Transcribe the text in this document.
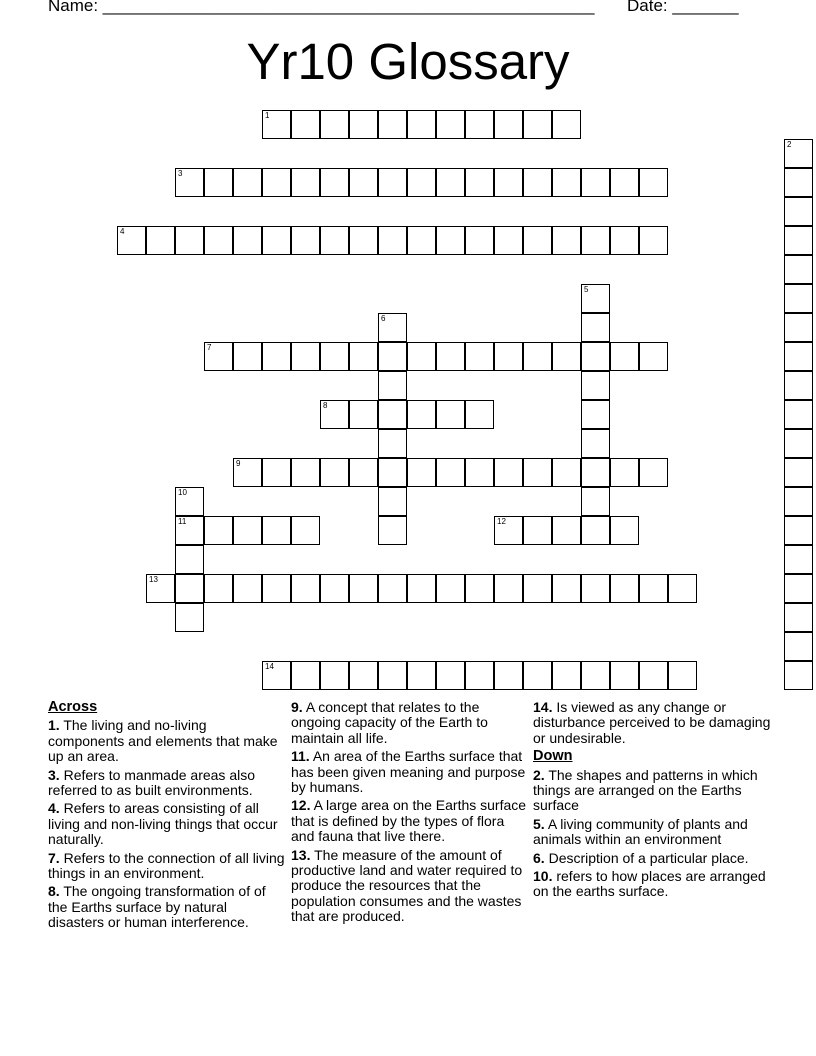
Name: ____________________________________________________ Date: _______
Yr10 Glossary
1
2
3
4
5
6
7
8
9
10
11	12
13
14
Across
1. The living and no-living components and elements that make up an area.
3. Refers to manmade areas also referred to as built environments.
4. Refers to areas consisting of all living and non-living things that occur naturally.
7. Refers to the connection of all living things in an environment.
8. The ongoing transformation of of the Earths surface by natural disasters or human interference.
9. A concept that relates to the ongoing capacity of the Earth to maintain all life.
11. An area of the Earths surface that has been given meaning and purpose by humans.
12. A large area on the Earths surface that is defined by the types of flora and fauna that live there.
13. The measure of the amount of productive land and water required to produce the resources that the population consumes and the wastes that are produced.
14. Is viewed as any change or disturbance perceived to be damaging or undesirable.
Down
2. The shapes and patterns in which things are arranged on the Earths surface
5. A living community of plants and animals within an environment
6. Description of a particular place.
10. refers to how places are arranged on the earths surface.
